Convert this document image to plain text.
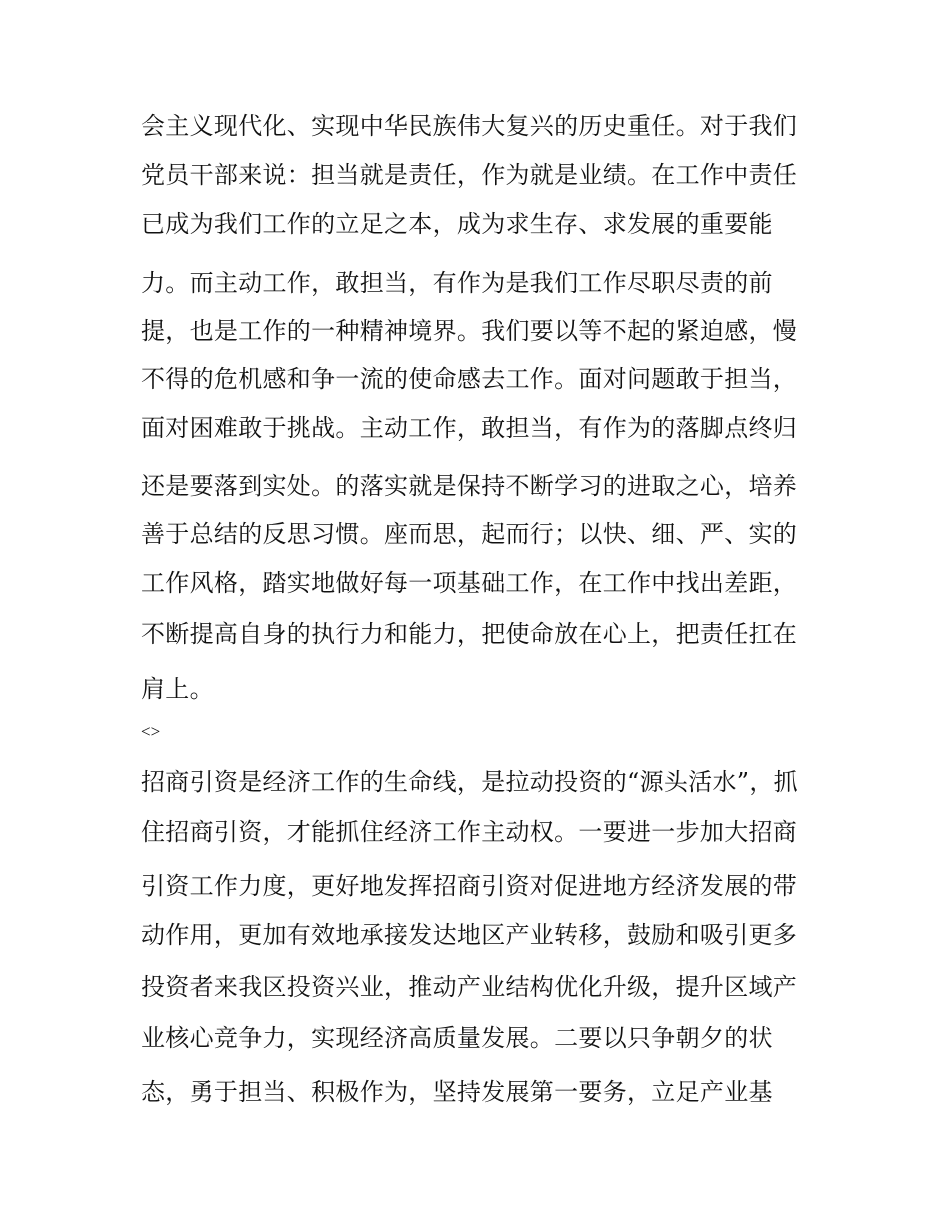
会主义现代化、实现中华民族伟大复兴的历史重任。对于我们
党员干部来说：担当就是责任，作为就是业绩。在工作中责任
已成为我们工作的立足之本，成为求生存、求发展的重要能
力。而主动工作，敢担当，有作为是我们工作尽职尽责的前
提，也是工作的一种精神境界。我们要以等不起的紧迫感，慢
不得的危机感和争一流的使命感去工作。面对问题敢于担当，
面对困难敢于挑战。主动工作，敢担当，有作为的落脚点终归
还是要落到实处。的落实就是保持不断学习的进取之心，培养
善于总结的反思习惯。座而思，起而行；以快、细、严、实的
工作风格，踏实地做好每一项基础工作，在工作中找出差距，
不断提高自身的执行力和能力，把使命放在心上，把责任扛在
肩上。
<>
招商引资是经济工作的生命线，是拉动投资的“源头活水”，抓
住招商引资，才能抓住经济工作主动权。一要进一步加大招商
引资工作力度，更好地发挥招商引资对促进地方经济发展的带
动作用，更加有效地承接发达地区产业转移，鼓励和吸引更多
投资者来我区投资兴业，推动产业结构优化升级，提升区域产
业核心竞争力，实现经济高质量发展。二要以只争朝夕的状
态，勇于担当、积极作为，坚持发展第一要务，立足产业基
